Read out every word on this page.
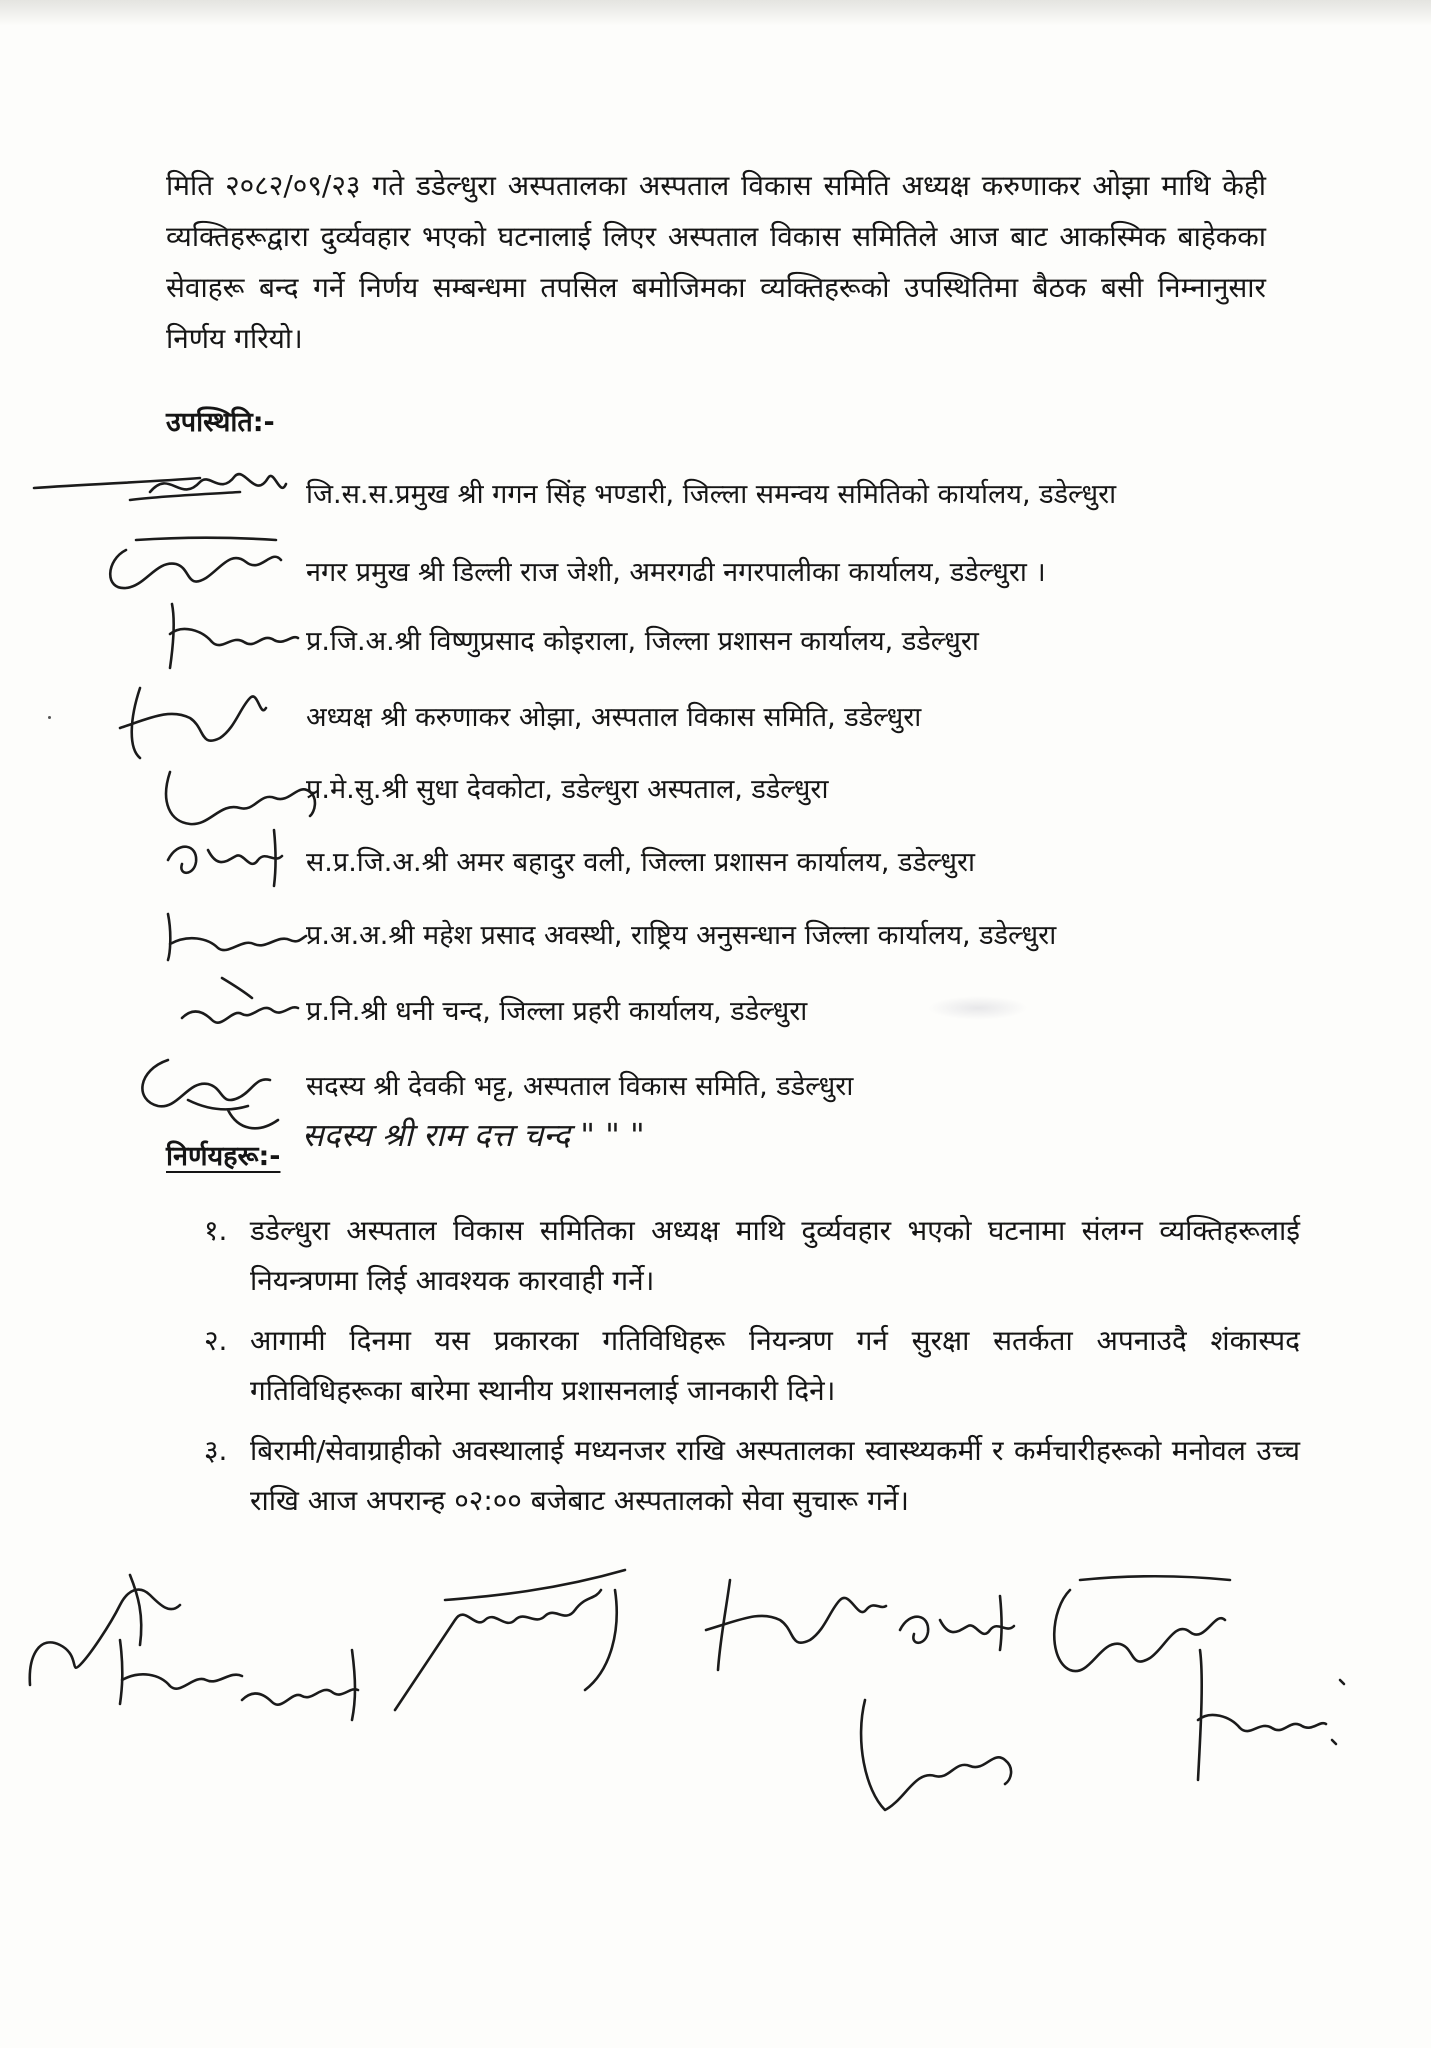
मिति २०८२/०९/२३ गते डडेल्धुरा अस्पतालका अस्पताल विकास समिति अध्यक्ष करुणाकर ओझा माथि केही व्यक्तिहरूद्वारा दुर्व्यवहार भएको घटनालाई लिएर अस्पताल विकास समितिले आज बाट आकस्मिक बाहेकका सेवाहरू बन्द गर्ने निर्णय सम्बन्धमा तपसिल बमोजिमका व्यक्तिहरूको उपस्थितिमा बैठक बसी निम्नानुसार निर्णय गरियो।

उपस्थिति:-

जि.स.स.प्रमुख श्री गगन सिंह भण्डारी, जिल्ला समन्वय समितिको कार्यालय, डडेल्धुरा

नगर प्रमुख श्री डिल्ली राज जेशी, अमरगढी नगरपालीका कार्यालय, डडेल्धुरा ।

प्र.जि.अ.श्री विष्णुप्रसाद कोइराला, जिल्ला प्रशासन कार्यालय, डडेल्धुरा

अध्यक्ष श्री करुणाकर ओझा, अस्पताल विकास समिति, डडेल्धुरा

प्र.मे.सु.श्री सुधा देवकोटा, डडेल्धुरा अस्पताल, डडेल्धुरा

स.प्र.जि.अ.श्री अमर बहादुर वली, जिल्ला प्रशासन कार्यालय, डडेल्धुरा

प्र.अ.अ.श्री महेश प्रसाद अवस्थी, राष्ट्रिय अनुसन्धान जिल्ला कार्यालय, डडेल्धुरा

प्र.नि.श्री धनी चन्द, जिल्ला प्रहरी कार्यालय, डडेल्धुरा

सदस्य श्री देवकी भट्ट, अस्पताल विकास समिति, डडेल्धुरा

सदस्य श्री राम दत्त चन्द " " "

निर्णयहरू:-

१. डडेल्धुरा अस्पताल विकास समितिका अध्यक्ष माथि दुर्व्यवहार भएको घटनामा संलग्न व्यक्तिहरूलाई नियन्त्रणमा लिई आवश्यक कारवाही गर्ने।
२. आगामी दिनमा यस प्रकारका गतिविधिहरू नियन्त्रण गर्न सुरक्षा सतर्कता अपनाउदै शंकास्पद गतिविधिहरूका बारेमा स्थानीय प्रशासनलाई जानकारी दिने।
३. बिरामी/सेवाग्राहीको अवस्थालाई मध्यनजर राखि अस्पतालका स्वास्थ्यकर्मी र कर्मचारीहरूको मनोवल उच्च राखि आज अपरान्ह ०२:०० बजेबाट अस्पतालको सेवा सुचारू गर्ने।
